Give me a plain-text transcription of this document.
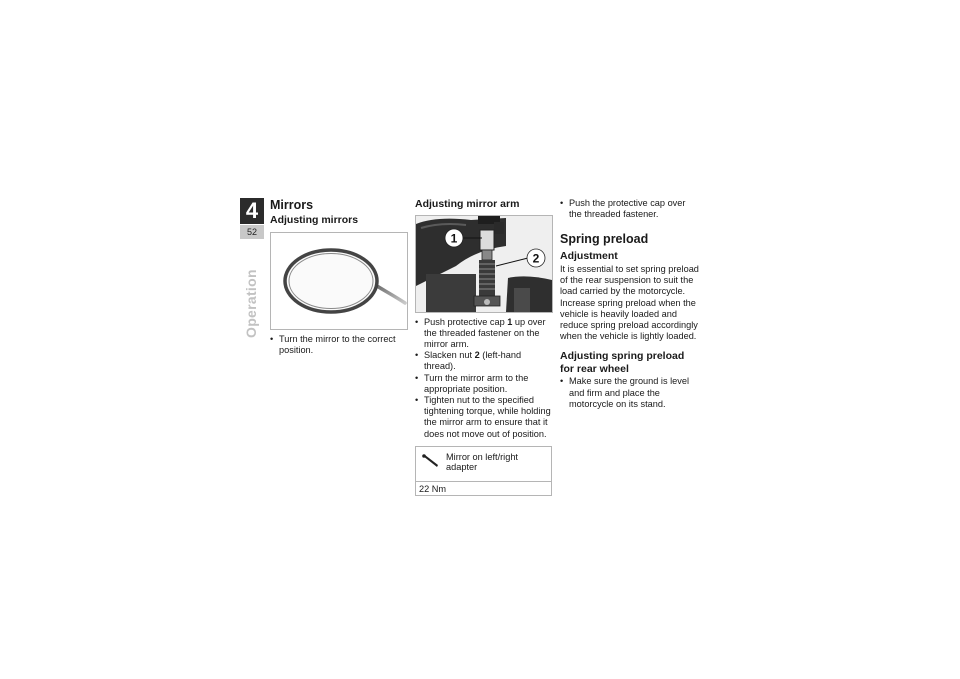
4
52
Operation
Mirrors
Adjusting mirrors
• Turn the mirror to the correct position.
Adjusting mirror arm
1
2
• Push protective cap 1 up over the threaded fastener on the mirror arm.
• Slacken nut 2 (left-hand thread).
• Turn the mirror arm to the appropriate position.
• Tighten nut to the specified tightening torque, while holding the mirror arm to ensure that it does not move out of position.
Mirror on left/right adapter
22 Nm
• Push the protective cap over the threaded fastener.
Spring preload
Adjustment

It is essential to set spring preload of the rear suspension to suit the load carried by the motorcycle. Increase spring preload when the vehicle is heavily loaded and reduce spring preload accordingly when the vehicle is lightly loaded.

Adjusting spring preload for rear wheel
• Make sure the ground is level and firm and place the motorcycle on its stand.
